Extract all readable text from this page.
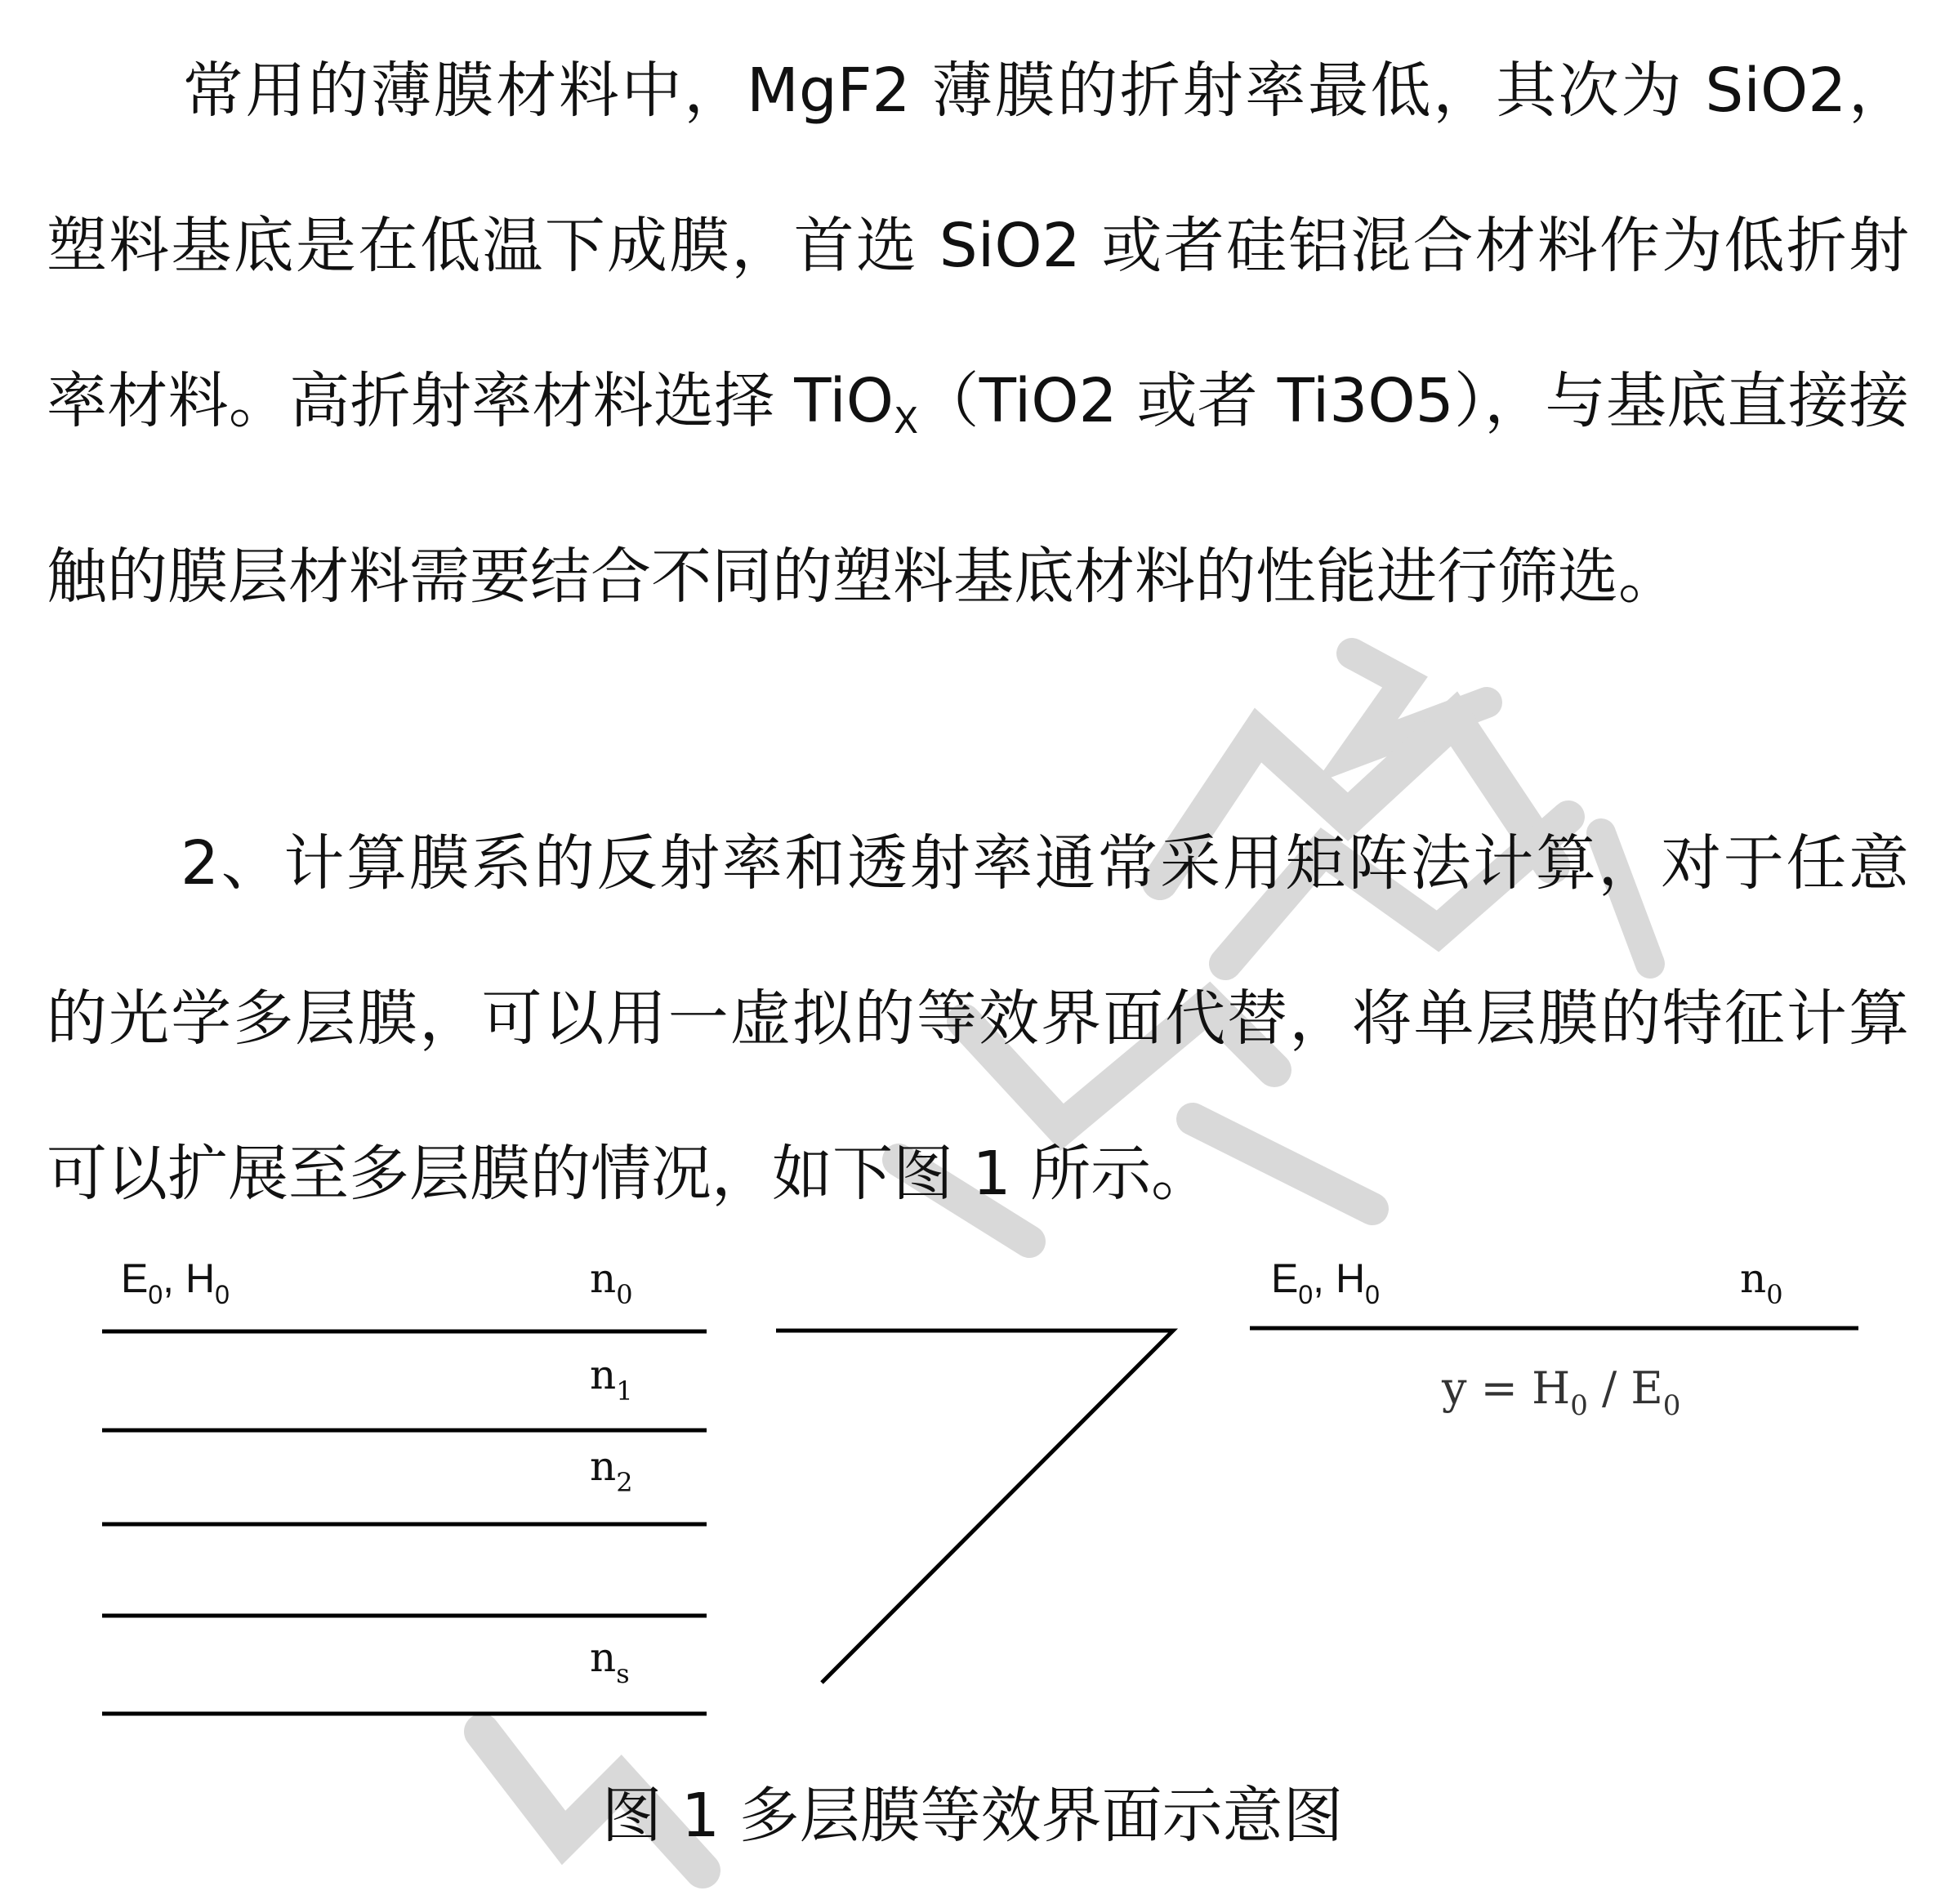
常用的薄膜材料中，MgF2 薄膜的折射率最低，其次为 SiO2，塑料基底是在低温下成膜，首选 SiO2 或者硅铝混合材料作为低折射率材料。高折射率材料选择 TiO$_X$（TiO2 或者 Ti3O5），与基底直接接触的膜层材料需要结合不同的塑料基底材料的性能进行筛选。

2、计算膜系的反射率和透射率通常采用矩阵法计算，对于任意的光学多层膜，可以用一虚拟的等效界面代替，将单层膜的特征计算可以扩展至多层膜的情况，如下图 1 所示。

$E_0$, $H_0$	$n_0$
$n_1$
$n_2$
$n_s$
$E_0$, $H_0$	$n_0$
$y = H_0 / E_0$

图 1 多层膜等效界面示意图
